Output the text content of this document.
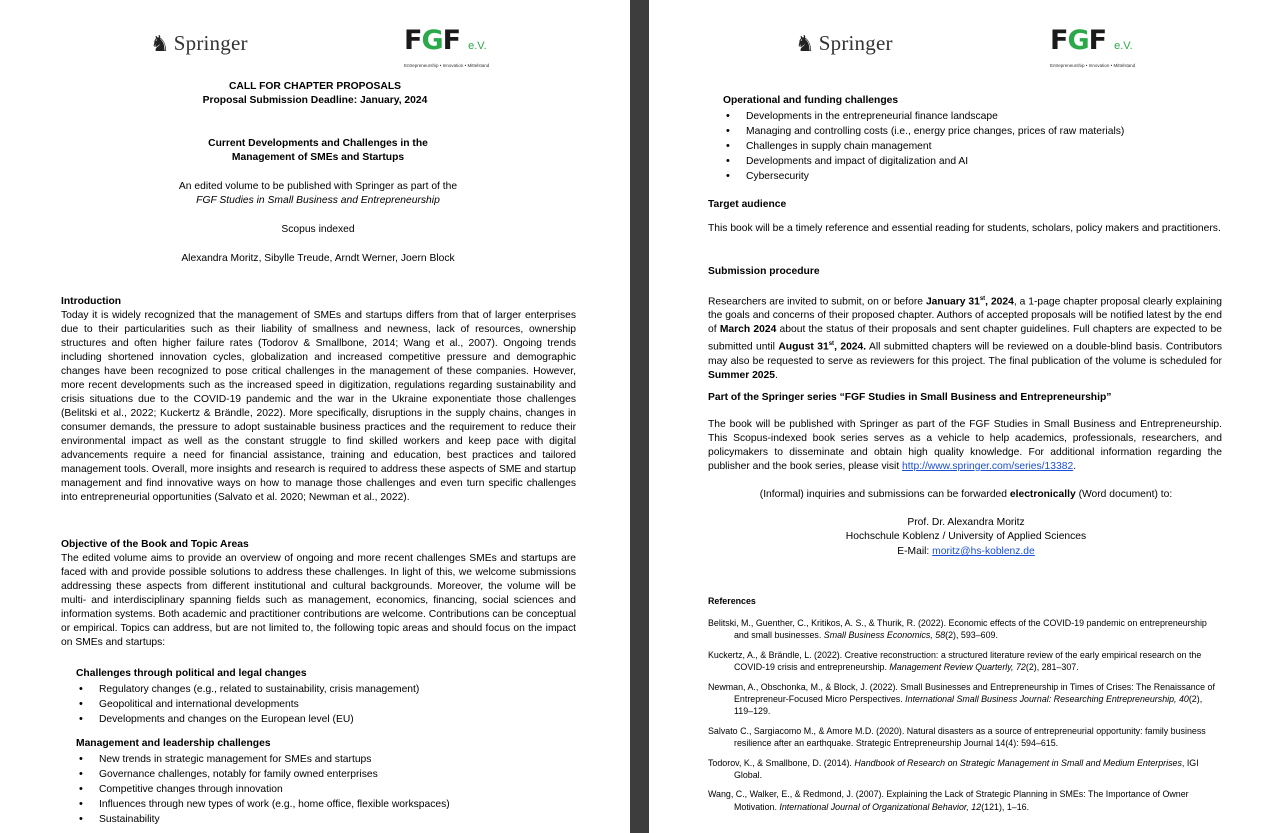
♞ Springer	F G F e.V.
Entrepreneurship • Innovation • Mittelstand
CALL FOR CHAPTER PROPOSALS
Proposal Submission Deadline: January, 2024
Current Developments and Challenges in the
Management of SMEs and Startups
An edited volume to be published with Springer as part of the
FGF Studies in Small Business and Entrepreneurship
Scopus indexed
Alexandra Moritz, Sibylle Treude, Arndt Werner, Joern Block
Introduction
Today it is widely recognized that the management of SMEs and startups differs from that of larger enterprises due to their particularities such as their liability of smallness and newness, lack of resources, ownership structures and often higher failure rates (Todorov & Smallbone, 2014; Wang et al., 2007). Ongoing trends including shortened innovation cycles, globalization and increased competitive pressure and demographic changes have been recognized to pose critical challenges in the management of these companies. However, more recent developments such as the increased speed in digitization, regulations regarding sustainability and crisis situations due to the COVID-19 pandemic and the war in the Ukraine exponentiate those challenges (Belitski et al., 2022; Kuckertz & Brändle, 2022). More specifically, disruptions in the supply chains, changes in consumer demands, the pressure to adopt sustainable business practices and the requirement to reduce their environmental impact as well as the constant struggle to find skilled workers and keep pace with digital advancements require a need for financial assistance, training and education, best practices and tailored management tools. Overall, more insights and research is required to address these aspects of SME and startup management and find innovative ways on how to manage those challenges and even turn specific challenges into entrepreneurial opportunities (Salvato et al. 2020; Newman et al., 2022).
Objective of the Book and Topic Areas
The edited volume aims to provide an overview of ongoing and more recent challenges SMEs and startups are faced with and provide possible solutions to address these challenges. In light of this, we welcome submissions addressing these aspects from different institutional and cultural backgrounds. Moreover, the volume will be multi- and interdisciplinary spanning fields such as management, economics, financing, social sciences and information systems. Both academic and practitioner contributions are welcome. Contributions can be conceptual or empirical. Topics can address, but are not limited to, the following topic areas and should focus on the impact on SMEs and startups:
Challenges through political and legal changes
• Regulatory changes (e.g., related to sustainability, crisis management)
• Geopolitical and international developments
• Developments and changes on the European level (EU)
Management and leadership challenges
• New trends in strategic management for SMEs and startups
• Governance challenges, notably for family owned enterprises
• Competitive changes through innovation
• Influences through new types of work (e.g., home office, flexible workspaces)
• Sustainability
♞ Springer	F G F e.V.
Entrepreneurship • Innovation • Mittelstand
Operational and funding challenges
• Developments in the entrepreneurial finance landscape
• Managing and controlling costs (i.e., energy price changes, prices of raw materials)
• Challenges in supply chain management
• Developments and impact of digitalization and AI
• Cybersecurity
Target audience
This book will be a timely reference and essential reading for students, scholars, policy makers and practitioners.
Submission procedure
Researchers are invited to submit, on or before January 31st, 2024, a 1-page chapter proposal clearly explaining the goals and concerns of their proposed chapter. Authors of accepted proposals will be notified latest by the end of March 2024 about the status of their proposals and sent chapter guidelines. Full chapters are expected to be submitted until August 31st, 2024. All submitted chapters will be reviewed on a double-blind basis. Contributors may also be requested to serve as reviewers for this project. The final publication of the volume is scheduled for Summer 2025.
Part of the Springer series “FGF Studies in Small Business and Entrepreneurship”
The book will be published with Springer as part of the FGF Studies in Small Business and Entrepreneurship. This Scopus-indexed book series serves as a vehicle to help academics, professionals, researchers, and policymakers to disseminate and obtain high quality knowledge. For additional information regarding the publisher and the book series, please visit http://www.springer.com/series/13382.
(Informal) inquiries and submissions can be forwarded electronically (Word document) to:
Prof. Dr. Alexandra Moritz
Hochschule Koblenz / University of Applied Sciences
E-Mail: moritz@hs-koblenz.de
References

Belitski, M., Guenther, C., Kritikos, A. S., & Thurik, R. (2022). Economic effects of the COVID-19 pandemic on entrepreneurship and small businesses. Small Business Economics, 58(2), 593–609.

Kuckertz, A., & Brändle, L. (2022). Creative reconstruction: a structured literature review of the early empirical research on the COVID-19 crisis and entrepreneurship. Management Review Quarterly, 72(2), 281–307.

Newman, A., Obschonka, M., & Block, J. (2022). Small Businesses and Entrepreneurship in Times of Crises: The Renaissance of Entrepreneur-Focused Micro Perspectives. International Small Business Journal: Researching Entrepreneurship, 40(2), 119–129.

Salvato C., Sargiacomo M., & Amore M.D. (2020). Natural disasters as a source of entrepreneurial opportunity: family business resilience after an earthquake. Strategic Entrepreneurship Journal 14(4): 594–615.

Todorov, K., & Smallbone, D. (2014). Handbook of Research on Strategic Management in Small and Medium Enterprises, IGI Global.

Wang, C., Walker, E., & Redmond, J. (2007). Explaining the Lack of Strategic Planning in SMEs: The Importance of Owner Motivation. International Journal of Organizational Behavior, 12(121), 1–16.
